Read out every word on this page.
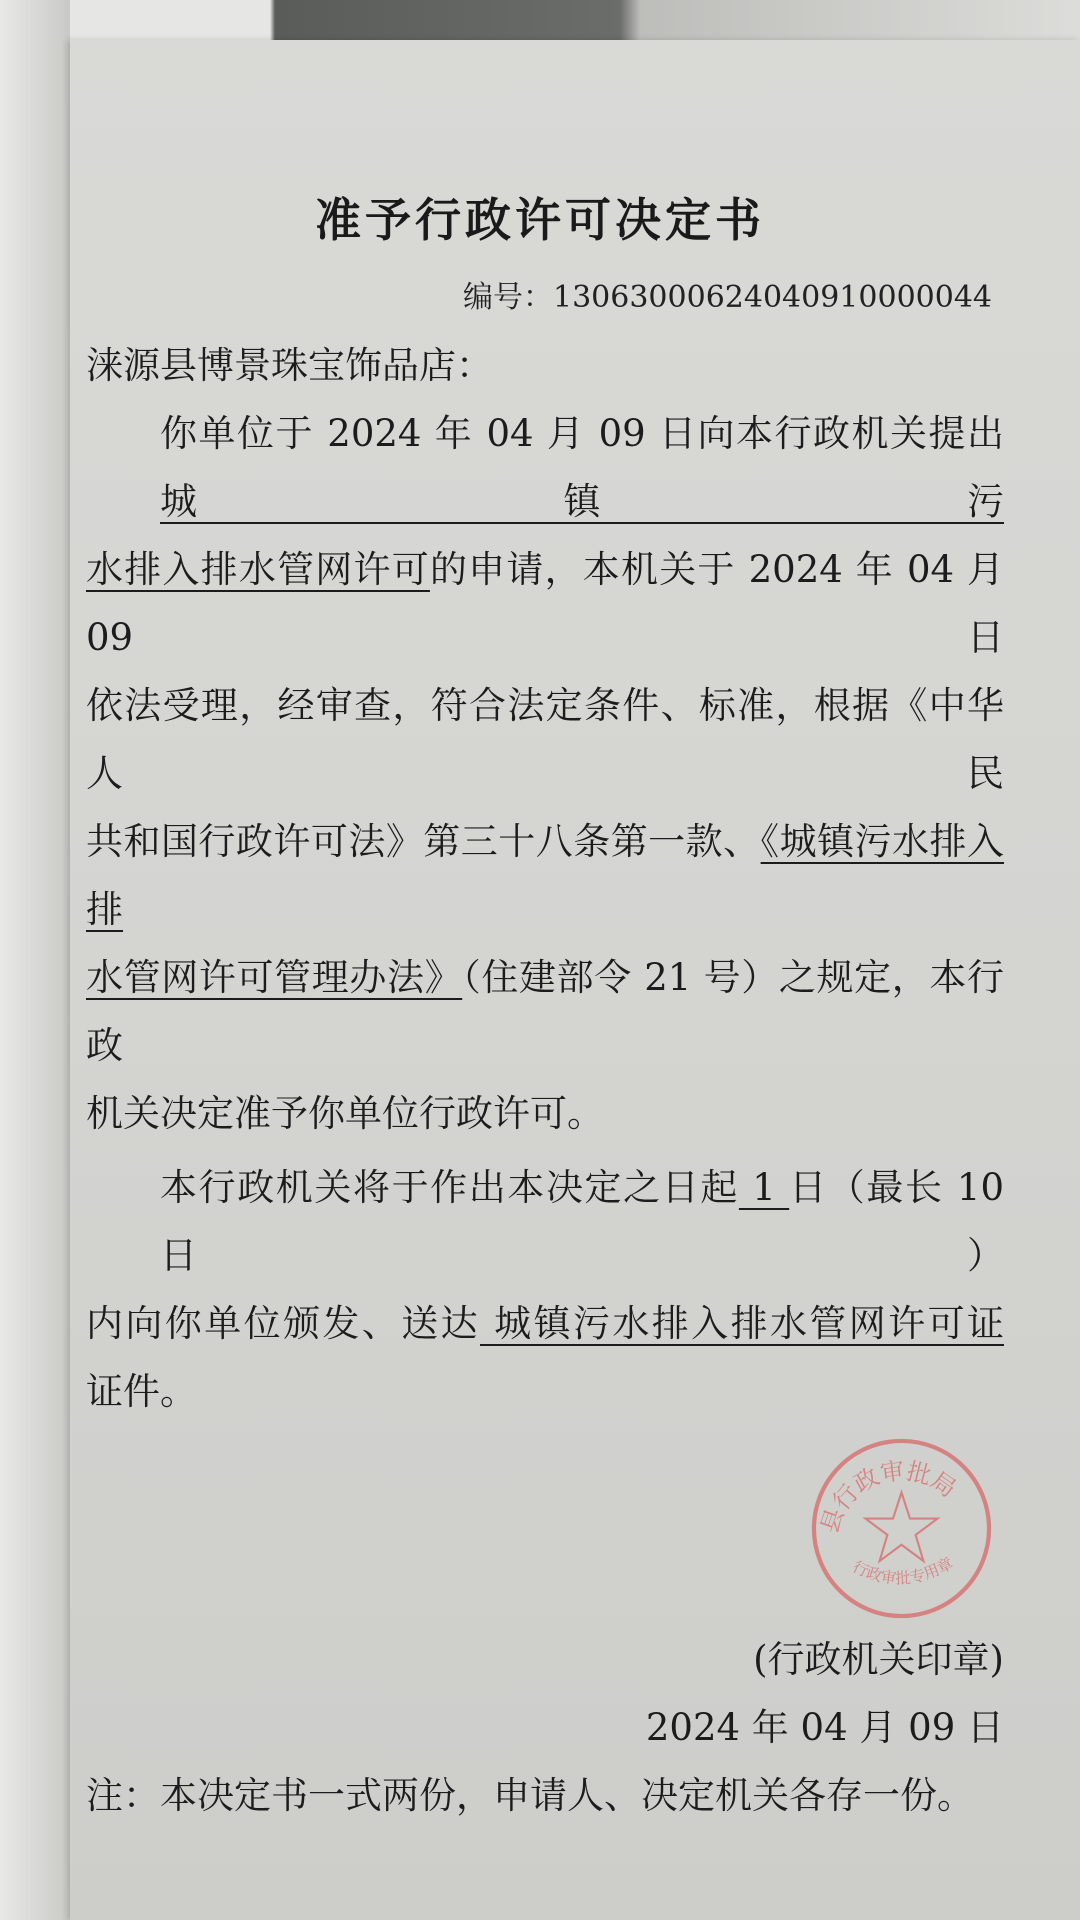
准予行政许可决定书
编号：13063000624040910000044
涞源县博景珠宝饰品店：
你单位于 2024 年 04 月 09 日向本行政机关提出城镇污
水排入排水管网许可的申请，本机关于 2024 年 04 月 09 日
依法受理，经审查，符合法定条件、标准，根据《中华人民
共和国行政许可法》第三十八条第一款、《城镇污水排入排
水管网许可管理办法》（住建部令 21 号）之规定，本行政
机关决定准予你单位行政许可。
本行政机关将于作出本决定之日起 1 日（最长 10 日）
内向你单位颁发、送达 城镇污水排入排水管网许可证
证件。
县行政审批局
行政审批专用章
(行政机关印章)
2024 年 04 月 09 日
注：本决定书一式两份，申请人、决定机关各存一份。
